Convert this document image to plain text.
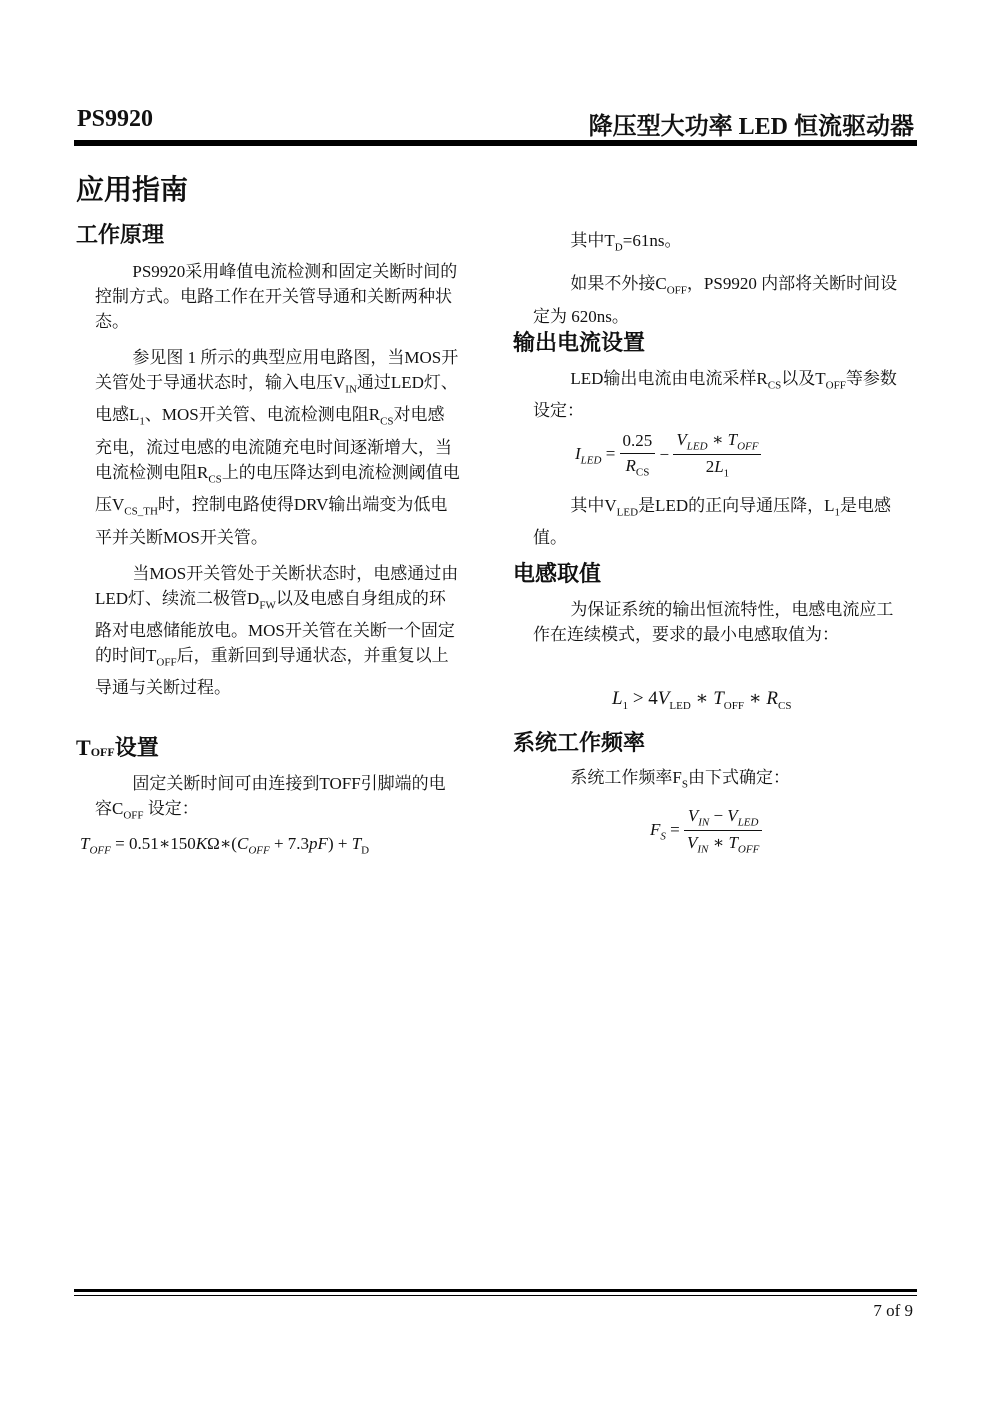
PS9920	降压型大功率 LED 恒流驱动器
应用指南
工作原理

PS9920采用峰值电流检测和固定关断时间的控制方式。电路工作在开关管导通和关断两种状态。

参见图 1 所示的典型应用电路图，当MOS开关管处于导通状态时，输入电压$V_{IN}$通过LED灯、电感$L_1$、MOS开关管、电流检测电阻$R_{CS}$对电感充电，流过电感的电流随充电时间逐渐增大，当电流检测电阻$R_{CS}$上的电压降达到电流检测阈值电压$V_{CS\_TH}$时，控制电路使得DRV输出端变为低电平并关断MOS开关管。

当MOS开关管处于关断状态时，电感通过由LED灯、续流二极管$D_{FW}$以及电感自身组成的环路对电感储能放电。MOS开关管在关断一个固定的时间$T_{OFF}$后，重新回到导通状态，并重复以上导通与关断过程。

$T_{OFF}$设置

固定关断时间可由连接到TOFF引脚端的电容$C_{OFF}$ 设定：

$T_{OFF}$ = $0.51∗150K\Omega∗(C_{OFF} + 7.3pF) + T_D$

其中$T_D=61ns$。

如果不外接$C_{OFF}$，PS9920 内部将关断时间设定为 620ns。

输出电流设置

LED输出电流由电流采样$R_{CS}$以及$T_{OFF}$等参数设定：

$I_{LED} = \frac{0.25}{R_{CS}} - \frac{V_{LED} ∗ T_{OFF}}{2L_1}$

其中$V_{LED}$是LED的正向导通压降，$L_1$是电感值。

电感取值

为保证系统的输出恒流特性，电感电流应工作在连续模式，要求的最小电感取值为：

$L_1 > 4V_{LED}$ ∗ $T_{OFF}$ ∗ $R_{CS}$
系统工作频率

系统工作频率$F_S$由下式确定：

$F_S = \frac{V_{IN} - V_{LED}}{V_{IN} ∗ T_{OFF}}$
7 of 9
